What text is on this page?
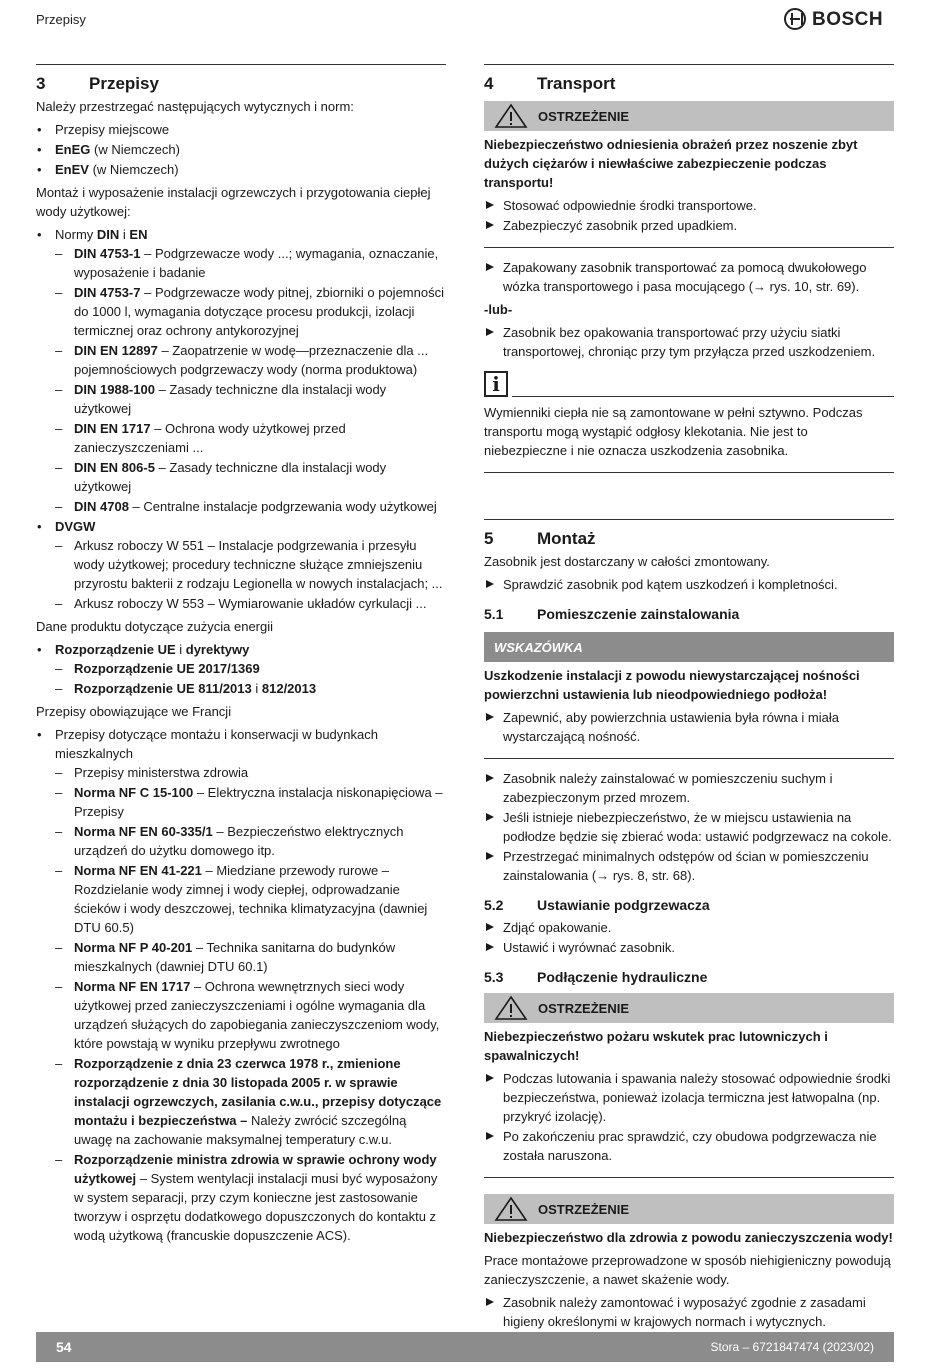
Przepisy	BOSCH
3	Przepisy

Należy przestrzegać następujących wytycznych i norm:

• Przepisy miejscowe
• EnEG (w Niemczech)
• EnEV (w Niemczech)

Montaż i wyposażenie instalacji ogrzewczych i przygotowania ciepłej wody użytkowej:

• Normy DIN i EN
– DIN 4753-1 – Podgrzewacze wody ...; wymagania, oznaczanie, wyposażenie i badanie
– DIN 4753-7 – Podgrzewacze wody pitnej, zbiorniki o pojemności do 1000 l, wymagania dotyczące procesu produkcji, izolacji termicznej oraz ochrony antykorozyjnej
– DIN EN 12897 – Zaopatrzenie w wodę—przeznaczenie dla ... pojemnościowych podgrzewaczy wody (norma produktowa)
– DIN 1988-100 – Zasady techniczne dla instalacji wody użytkowej
– DIN EN 1717 – Ochrona wody użytkowej przed zanieczyszczeniami ...
– DIN EN 806-5 – Zasady techniczne dla instalacji wody użytkowej
– DIN 4708 – Centralne instalacje podgrzewania wody użytkowej
• DVGW
– Arkusz roboczy W 551 – Instalacje podgrzewania i przesyłu wody użytkowej; procedury techniczne służące zmniejszeniu przyrostu bakterii z rodzaju Legionella w nowych instalacjach; ...
– Arkusz roboczy W 553 – Wymiarowanie układów cyrkulacji ...

Dane produktu dotyczące zużycia energii

• Rozporządzenie UE i dyrektywy
– Rozporządzenie UE 2017/1369
– Rozporządzenie UE 811/2013 i 812/2013

Przepisy obowiązujące we Francji

• Przepisy dotyczące montażu i konserwacji w budynkach mieszkalnych
– Przepisy ministerstwa zdrowia
– Norma NF C 15-100 – Elektryczna instalacja niskonapięciowa – Przepisy
– Norma NF EN 60-335/1 – Bezpieczeństwo elektrycznych urządzeń do użytku domowego itp.
– Norma NF EN 41-221 – Miedziane przewody rurowe – Rozdzielanie wody zimnej i wody ciepłej, odprowadzanie ścieków i wody deszczowej, technika klimatyzacyjna (dawniej DTU 60.5)
– Norma NF P 40-201 – Technika sanitarna do budynków mieszkalnych (dawniej DTU 60.1)
– Norma NF EN 1717 – Ochrona wewnętrznych sieci wody użytkowej przed zanieczyszczeniami i ogólne wymagania dla urządzeń służących do zapobiegania zanieczyszczeniom wody, które powstają w wyniku przepływu zwrotnego
– Rozporządzenie z dnia 23 czerwca 1978 r., zmienione rozporządzenie z dnia 30 listopada 2005 r. w sprawie instalacji ogrzewczych, zasilania c.w.u., przepisy dotyczące montażu i bezpieczeństwa – Należy zwrócić szczególną uwagę na zachowanie maksymalnej temperatury c.w.u.
– Rozporządzenie ministra zdrowia w sprawie ochrony wody użytkowej – System wentylacji instalacji musi być wyposażony w system separacji, przy czym konieczne jest zastosowanie tworzyw i osprzętu dodatkowego dopuszczonych do kontaktu z wodą użytkową (francuskie dopuszczenie ACS).
4	Transport
OSTRZEŻENIE

Niebezpieczeństwo odniesienia obrażeń przez noszenie zbyt dużych ciężarów i niewłaściwe zabezpieczenie podczas transportu!

Stosować odpowiednie środki transportowe.
Zabezpieczyć zasobnik przed upadkiem.
Zapakowany zasobnik transportować za pomocą dwukołowego wózka transportowego i pasa mocującego (→ rys. 10, str. 69).

-lub-

Zasobnik bez opakowania transportować przy użyciu siatki transportowej, chroniąc przy tym przyłącza przed uszkodzeniem.
i

Wymienniki ciepła nie są zamontowane w pełni sztywno. Podczas transportu mogą wystąpić odgłosy klekotania. Nie jest to niebezpieczne i nie oznacza uszkodzenia zasobnika.

5	Montaż

Zasobnik jest dostarczany w całości zmontowany.

Sprawdzić zasobnik pod kątem uszkodzeń i kompletności.
5.1	Pomieszczenie zainstalowania
WSKAZÓWKA

Uszkodzenie instalacji z powodu niewystarczającej nośności powierzchni ustawienia lub nieodpowiedniego podłoża!

Zapewnić, aby powierzchnia ustawienia była równa i miała wystarczającą nośność.
Zasobnik należy zainstalować w pomieszczeniu suchym i zabezpieczonym przed mrozem.
Jeśli istnieje niebezpieczeństwo, że w miejscu ustawienia na podłodze będzie się zbierać woda: ustawić podgrzewacz na cokole.
Przestrzegać minimalnych odstępów od ścian w pomieszczeniu zainstalowania (→ rys. 8, str. 68).
5.2	Ustawianie podgrzewacza
Zdjąć opakowanie.
Ustawić i wyrównać zasobnik.
5.3	Podłączenie hydrauliczne
OSTRZEŻENIE

Niebezpieczeństwo pożaru wskutek prac lutowniczych i spawalniczych!

Podczas lutowania i spawania należy stosować odpowiednie środki bezpieczeństwa, ponieważ izolacja termiczna jest łatwopalna (np. przykryć izolację).
Po zakończeniu prac sprawdzić, czy obudowa podgrzewacza nie została naruszona.
OSTRZEŻENIE

Niebezpieczeństwo dla zdrowia z powodu zanieczyszczenia wody!

Prace montażowe przeprowadzone w sposób niehigieniczny powodują zanieczyszczenie, a nawet skażenie wody.

Zasobnik należy zamontować i wyposażyć zgodnie z zasadami higieny określonymi w krajowych normach i wytycznych.
54	Stora – 6721847474 (2023/02)
